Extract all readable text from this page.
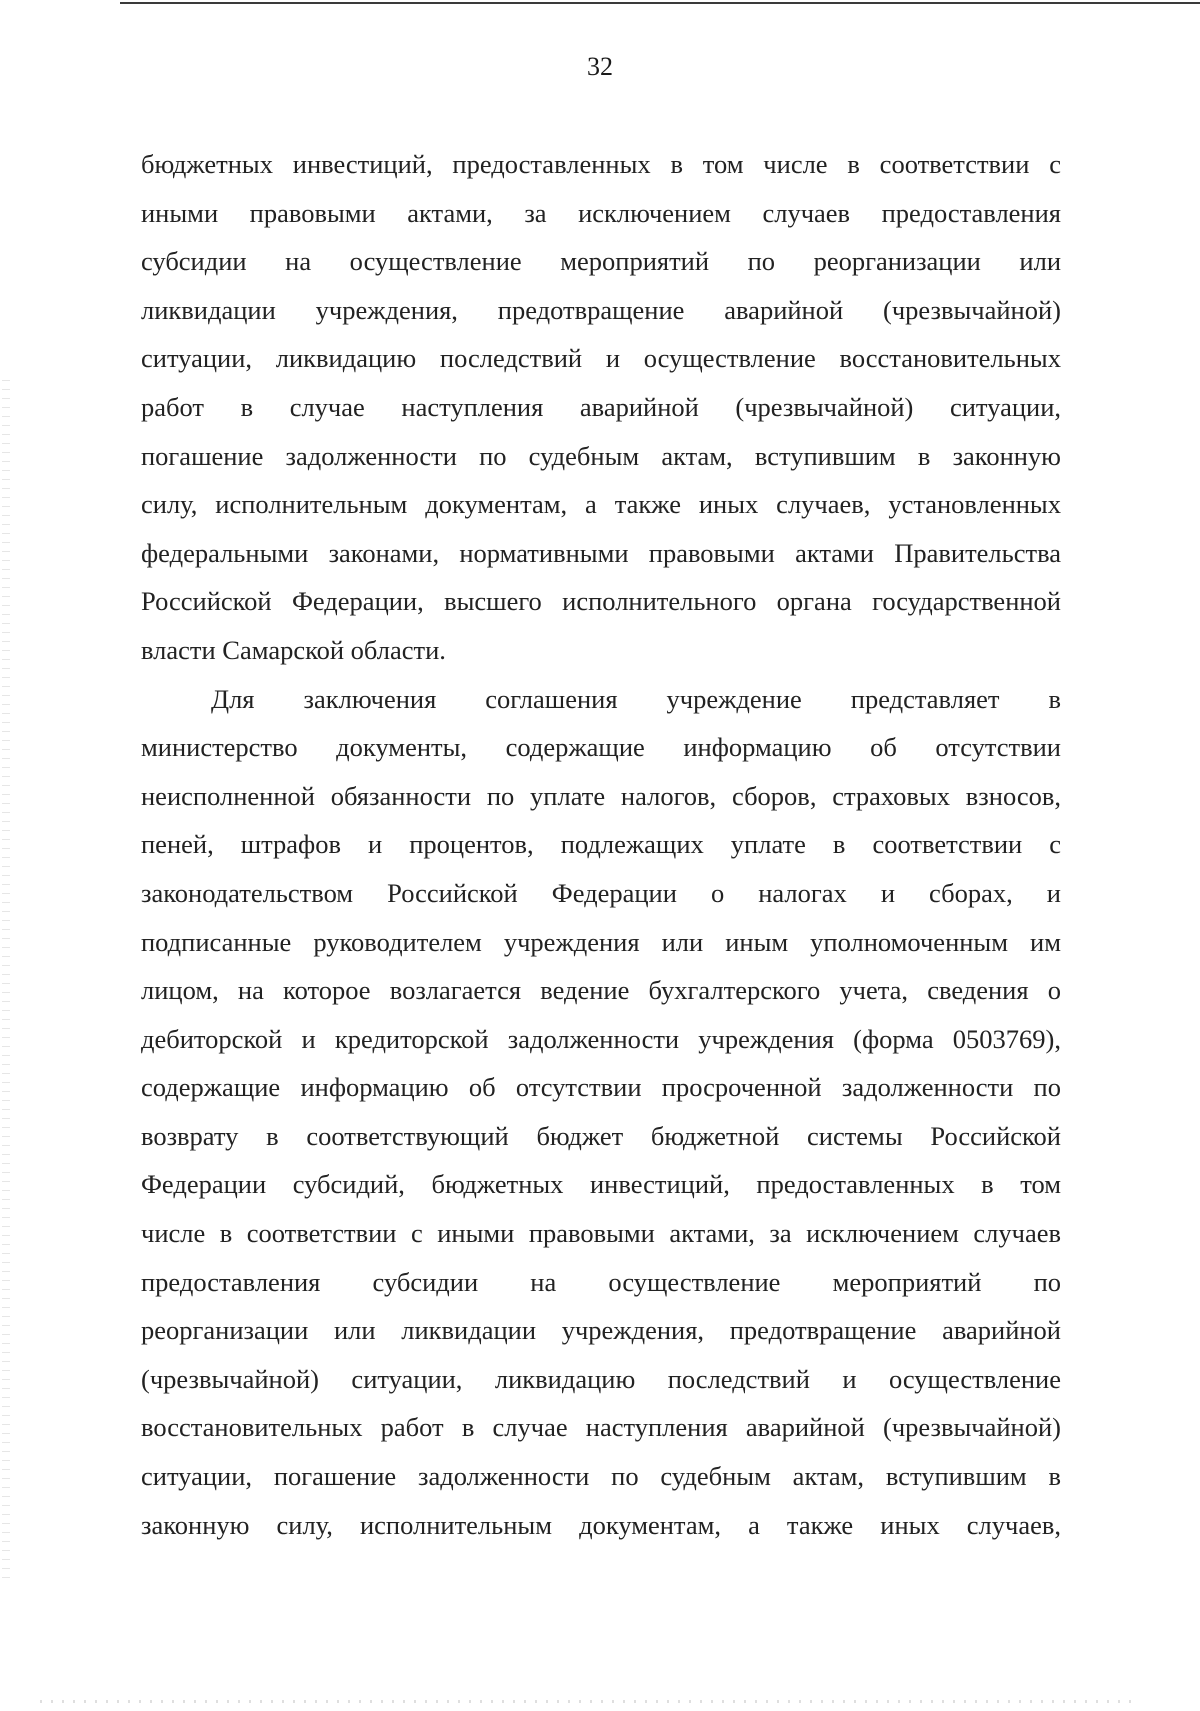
32
бюджетных инвестиций, предоставленных в том числе в соответствии с
иными правовыми актами, за исключением случаев предоставления
субсидии на осуществление мероприятий по реорганизации или
ликвидации учреждения, предотвращение аварийной (чрезвычайной)
ситуации, ликвидацию последствий и осуществление восстановительных
работ в случае наступления аварийной (чрезвычайной) ситуации,
погашение задолженности по судебным актам, вступившим в законную
силу, исполнительным документам, а также иных случаев, установленных
федеральными законами, нормативными правовыми актами Правительства
Российской Федерации, высшего исполнительного органа государственной
власти Самарской области.
Для заключения соглашения учреждение представляет в
министерство документы, содержащие информацию об отсутствии
неисполненной обязанности по уплате налогов, сборов, страховых взносов,
пеней, штрафов и процентов, подлежащих уплате в соответствии с
законодательством Российской Федерации о налогах и сборах, и
подписанные руководителем учреждения или иным уполномоченным им
лицом, на которое возлагается ведение бухгалтерского учета, сведения о
дебиторской и кредиторской задолженности учреждения (форма 0503769),
содержащие информацию об отсутствии просроченной задолженности по
возврату в соответствующий бюджет бюджетной системы Российской
Федерации субсидий, бюджетных инвестиций, предоставленных в том
числе в соответствии с иными правовыми актами, за исключением случаев
предоставления субсидии на осуществление мероприятий по
реорганизации или ликвидации учреждения, предотвращение аварийной
(чрезвычайной) ситуации, ликвидацию последствий и осуществление
восстановительных работ в случае наступления аварийной (чрезвычайной)
ситуации, погашение задолженности по судебным актам, вступившим в
законную силу, исполнительным документам, а также иных случаев,
